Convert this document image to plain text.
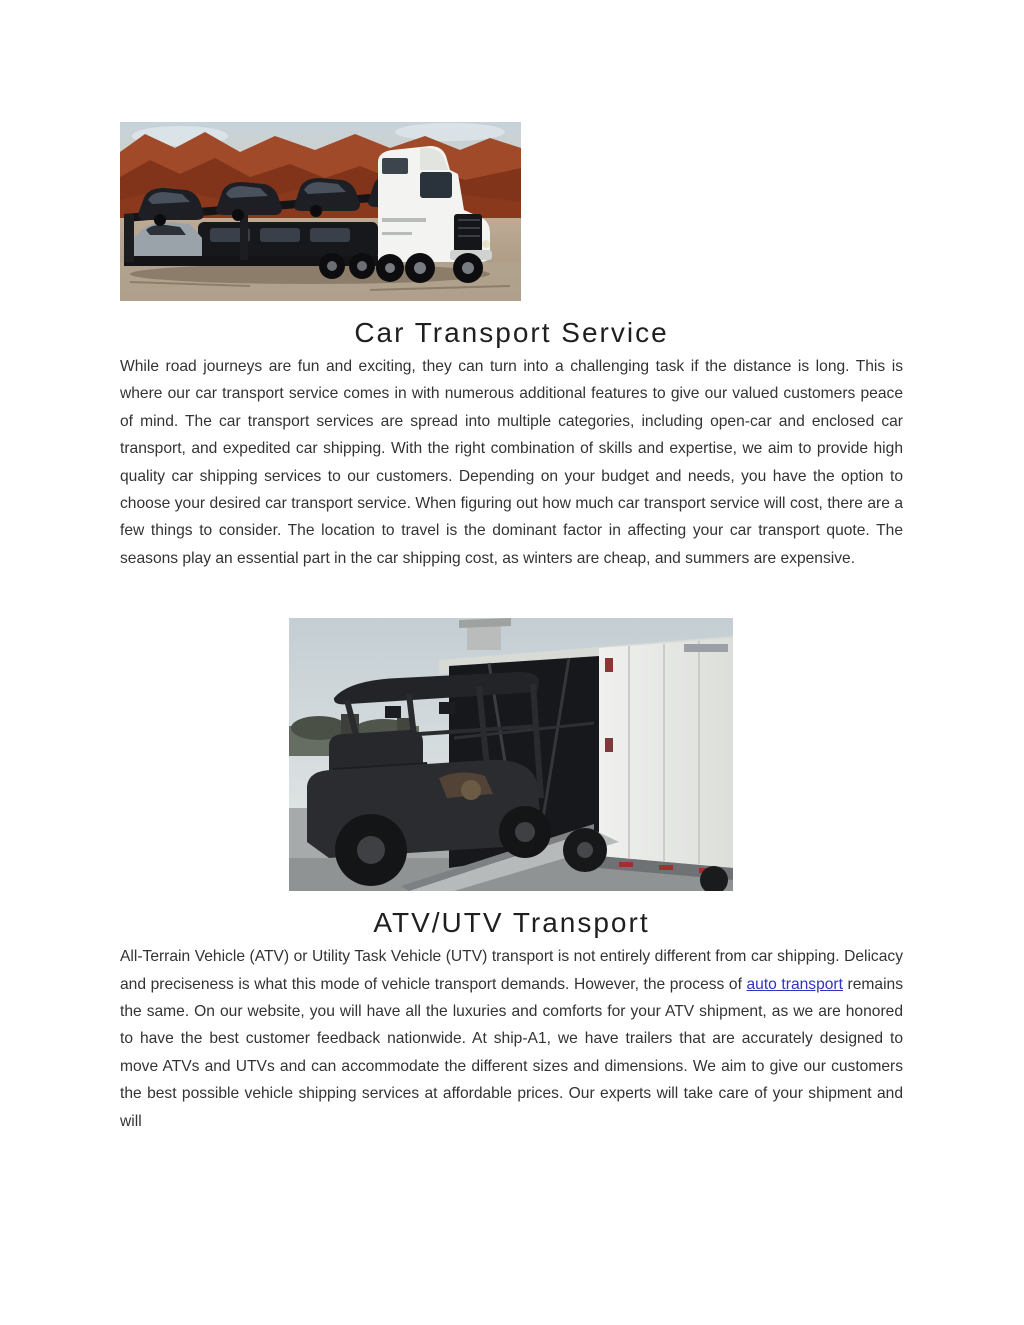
Car Transport Service

While road journeys are fun and exciting, they can turn into a challenging task if the distance is long. This is where our car transport service comes in with numerous additional features to give our valued customers peace of mind. The car transport services are spread into multiple categories, including open-car and enclosed car transport, and expedited car shipping. With the right combination of skills and expertise, we aim to provide high quality car shipping services to our customers. Depending on your budget and needs, you have the option to choose your desired car transport service. When figuring out how much car transport service will cost, there are a few things to consider. The location to travel is the dominant factor in affecting your car transport quote. The seasons play an essential part in the car shipping cost, as winters are cheap, and summers are expensive.

ATV/UTV Transport

All-Terrain Vehicle (ATV) or Utility Task Vehicle (UTV) transport is not entirely different from car shipping. Delicacy and preciseness is what this mode of vehicle transport demands. However, the process of auto transport remains the same. On our website, you will have all the luxuries and comforts for your ATV shipment, as we are honored to have the best customer feedback nationwide. At ship-A1, we have trailers that are accurately designed to move ATVs and UTVs and can accommodate the different sizes and dimensions. We aim to give our customers the best possible vehicle shipping services at affordable prices. Our experts will take care of your shipment and will
